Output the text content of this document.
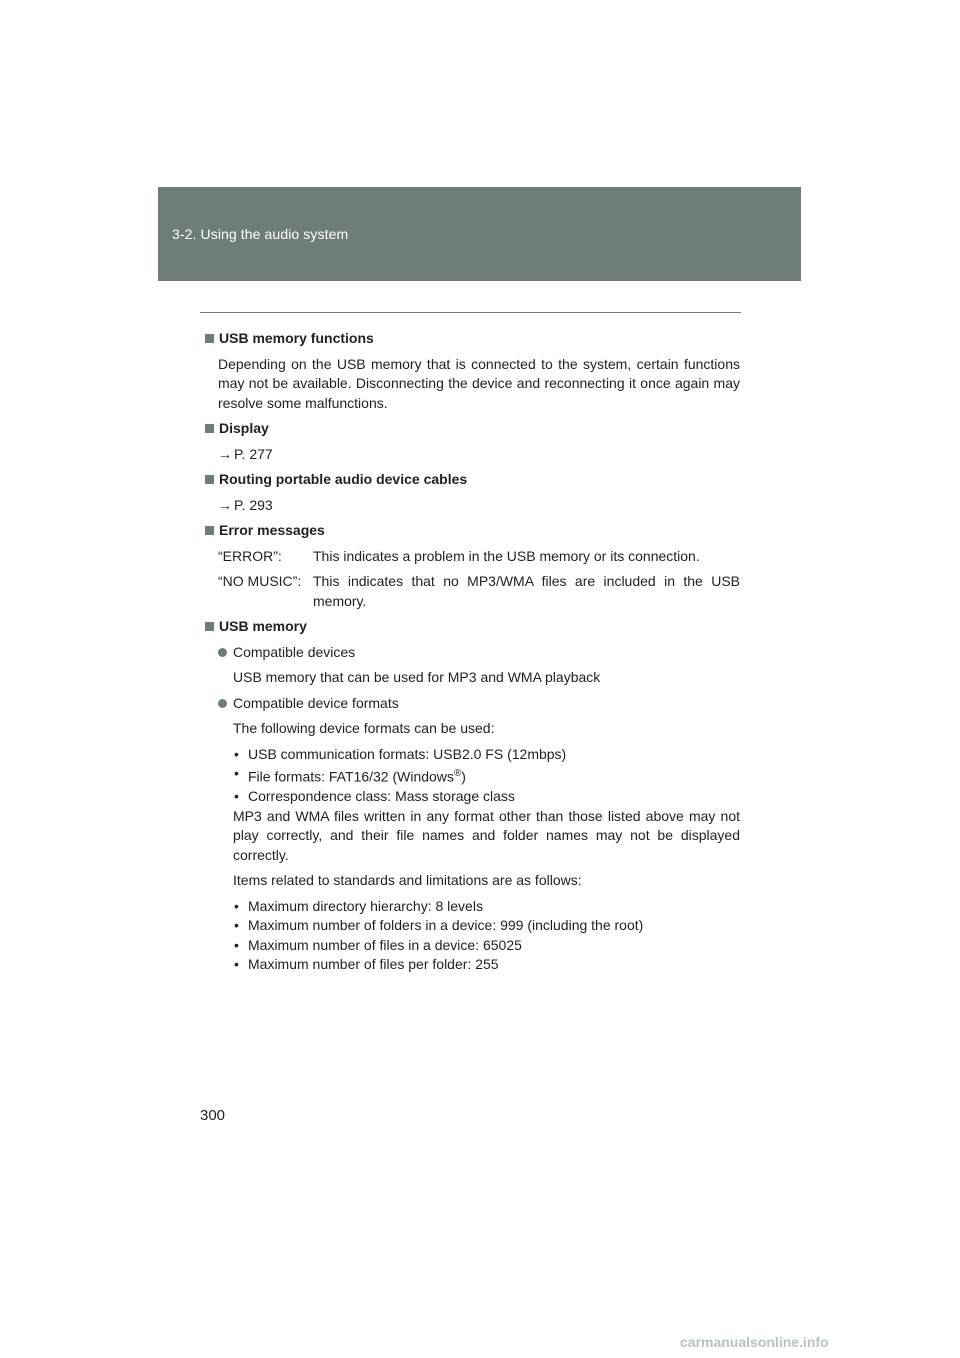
3-2. Using the audio system
USB memory functions
Depending on the USB memory that is connected to the system, certain functions may not be available. Disconnecting the device and reconnecting it once again may resolve some malfunctions.
Display
→ P. 277
Routing portable audio device cables
→ P. 293
Error messages
“ERROR”:	This indicates a problem in the USB memory or its connection.
“NO MUSIC”: This indicates that no MP3/WMA files are included in the USB memory.
USB memory
Compatible devices
USB memory that can be used for MP3 and WMA playback
Compatible device formats
The following device formats can be used:
• USB communication formats: USB2.0 FS (12mbps)
• File formats: FAT16/32 (Windows®)
• Correspondence class: Mass storage class
MP3 and WMA files written in any format other than those listed above may not play correctly, and their file names and folder names may not be displayed correctly.
Items related to standards and limitations are as follows:
• Maximum directory hierarchy: 8 levels
• Maximum number of folders in a device: 999 (including the root)
• Maximum number of files in a device: 65025
• Maximum number of files per folder: 255
300
carmanualsonline.info
